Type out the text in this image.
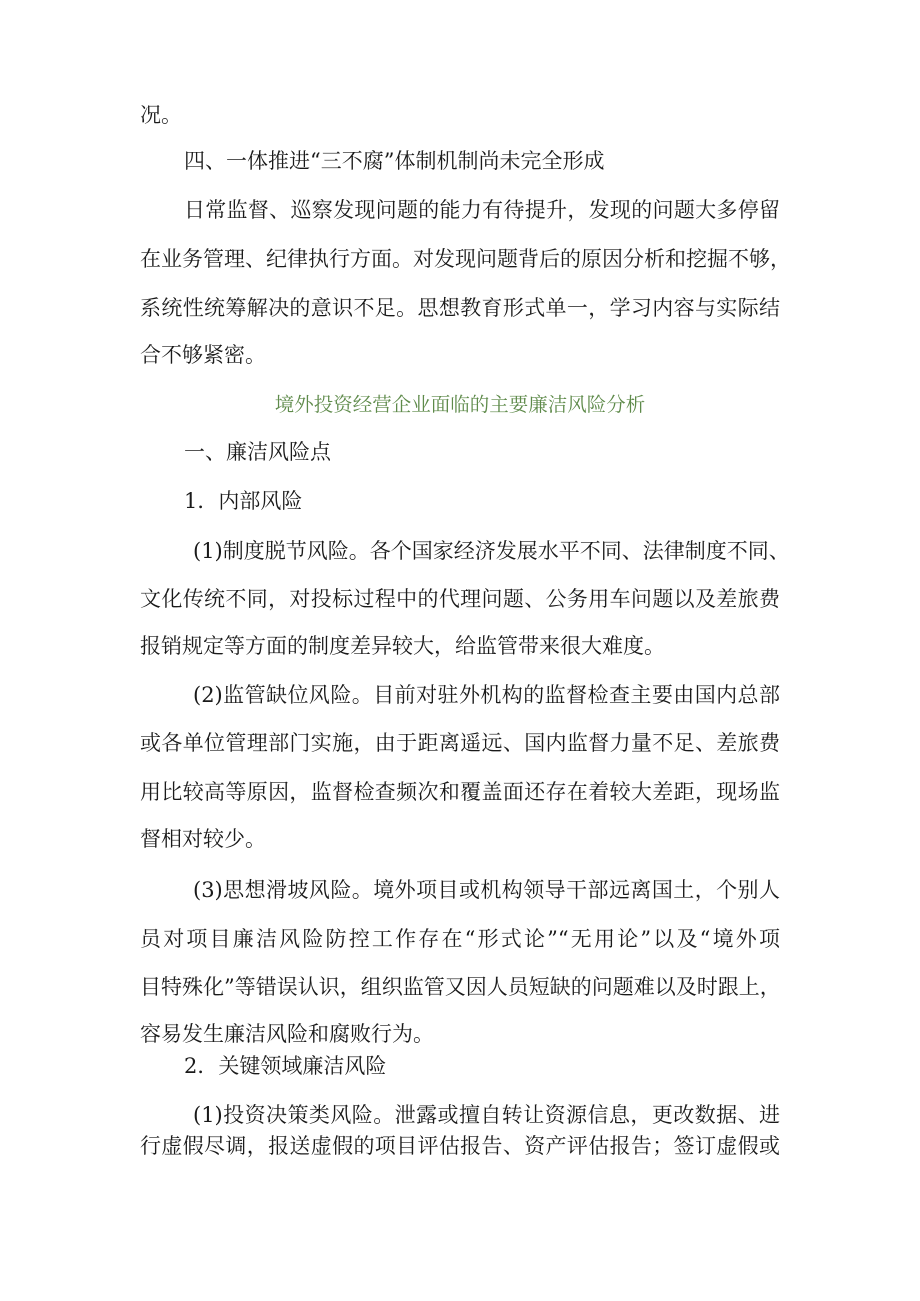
况。
四、一体推进“三不腐”体制机制尚未完全形成
日常监督、巡察发现问题的能力有待提升，发现的问题大多停留
在业务管理、纪律执行方面。对发现问题背后的原因分析和挖掘不够，
系统性统筹解决的意识不足。思想教育形式单一，学习内容与实际结
合不够紧密。
境外投资经营企业面临的主要廉洁风险分析
一、廉洁风险点
1．内部风险
(1)制度脱节风险。各个国家经济发展水平不同、法律制度不同、
文化传统不同，对投标过程中的代理问题、公务用车问题以及差旅费
报销规定等方面的制度差异较大，给监管带来很大难度。
(2)监管缺位风险。目前对驻外机构的监督检查主要由国内总部
或各单位管理部门实施，由于距离遥远、国内监督力量不足、差旅费
用比较高等原因，监督检查频次和覆盖面还存在着较大差距，现场监
督相对较少。
(3)思想滑坡风险。境外项目或机构领导干部远离国土，个别人
员对项目廉洁风险防控工作存在“形式论”“无用论”以及“境外项
目特殊化”等错误认识，组织监管又因人员短缺的问题难以及时跟上，
容易发生廉洁风险和腐败行为。
2．关键领域廉洁风险
(1)投资决策类风险。泄露或擅自转让资源信息，更改数据、进
行虚假尽调，报送虚假的项目评估报告、资产评估报告；签订虚假或
